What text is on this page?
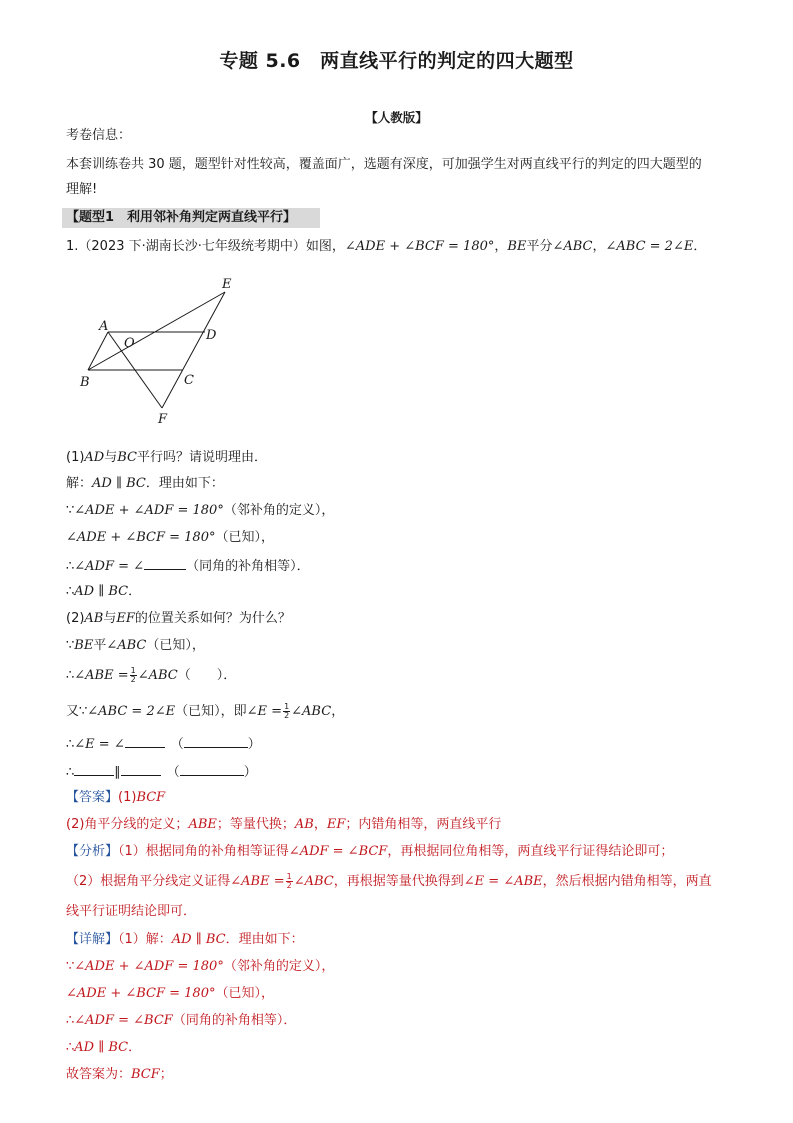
专题 5.6　两直线平行的判定的四大题型
【人教版】
考卷信息：
本套训练卷共 30 题，题型针对性较高，覆盖面广，选题有深度，可加强学生对两直线平行的判定的四大题型的
理解!
【题型1　利用邻补角判定两直线平行】
1.（2023 下·湖南长沙·七年级统考期中）如图，∠ADE + ∠BCF = 180°，BE平分∠ABC，∠ABC = 2∠E．
A
B	C
D
E
F
O
(1)AD与BC平行吗？请说明理由．
解：AD ∥ BC．理由如下：
∵∠ADE + ∠ADF = 180°（邻补角的定义），
∠ADE + ∠BCF = 180°（已知），
∴∠ADF = ∠	（同角的补角相等）．
∴AD ∥ BC．
(2)AB与EF的位置关系如何？为什么？
∵BE平∠ABC（已知），
∴∠ABE = $\frac{1}{2}$ ∠ABC（　　）．
又∵∠ABC = 2∠E（已知），即∠E = $\frac{1}{2}$ ∠ABC，
∴∠E = ∠	（	）
∴	∥	（	）
【答案】(1)BCF
(2)角平分线的定义；ABE；等量代换；AB，EF；内错角相等，两直线平行
【分析】（1）根据同角的补角相等证得∠ADF = ∠BCF，再根据同位角相等，两直线平行证得结论即可；
（2）根据角平分线定义证得∠ABE = $\frac{1}{2}$ ∠ABC，再根据等量代换得到∠E = ∠ABE，然后根据内错角相等，两直
线平行证明结论即可．
【详解】（1）解：AD ∥ BC．理由如下：
∵∠ADE + ∠ADF = 180°（邻补角的定义），
∠ADE + ∠BCF = 180°（已知），
∴∠ADF = ∠BCF（同角的补角相等）．
∴AD ∥ BC．
故答案为：BCF；
